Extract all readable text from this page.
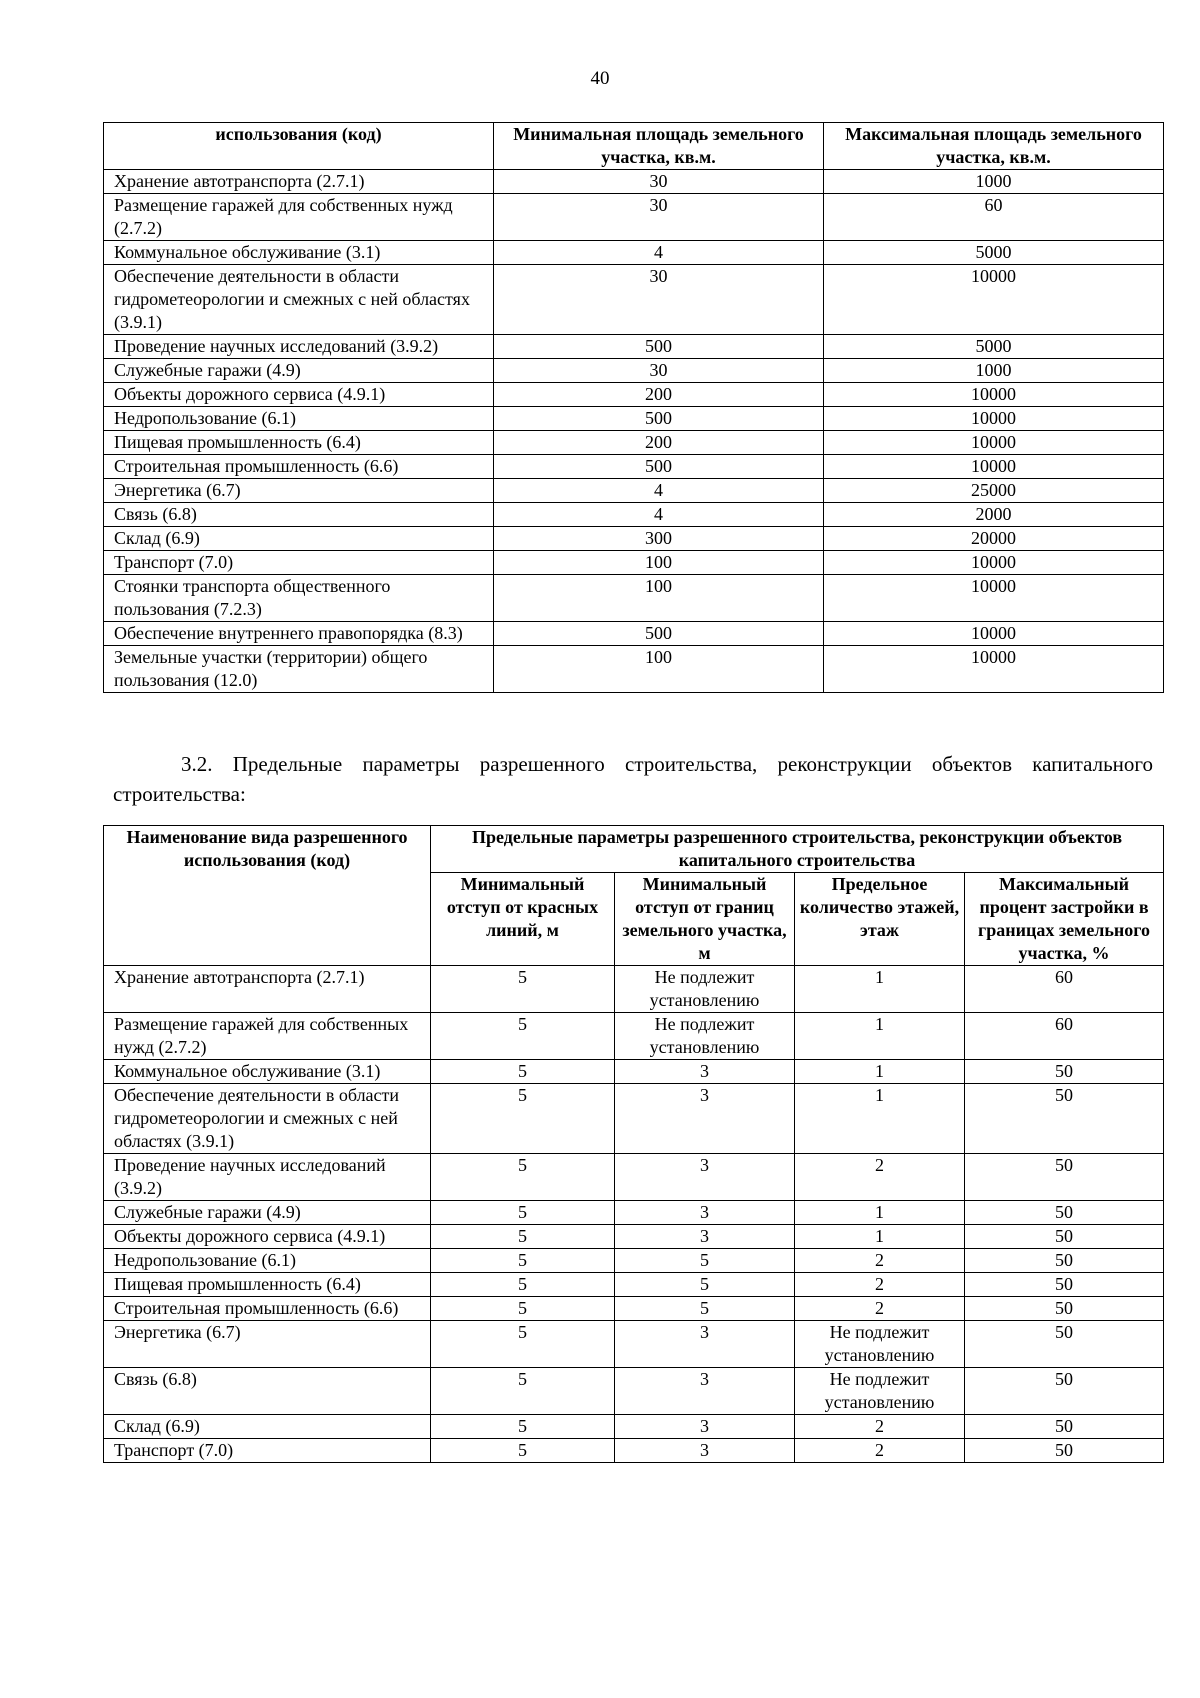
40
использования (код)	Минимальная площадь земельного участка, кв.м.	Максимальная площадь земельного участка, кв.м.
Хранение автотранспорта (2.7.1)	30	1000
Размещение гаражей для собственных нужд (2.7.2)	30	60
Коммунальное обслуживание (3.1)	4	5000
Обеспечение деятельности в области гидрометеорологии и смежных с ней областях (3.9.1)	30	10000
Проведение научных исследований (3.9.2)	500	5000
Служебные гаражи (4.9)	30	1000
Объекты дорожного сервиса (4.9.1)	200	10000
Недропользование (6.1)	500	10000
Пищевая промышленность (6.4)	200	10000
Строительная промышленность (6.6)	500	10000
Энергетика (6.7)	4	25000
Связь (6.8)	4	2000
Склад (6.9)	300	20000
Транспорт (7.0)	100	10000
Стоянки транспорта общественного пользования (7.2.3)	100	10000
Обеспечение внутреннего правопорядка (8.3)	500	10000
Земельные участки (территории) общего пользования (12.0)	100	10000
3.2. Предельные параметры разрешенного строительства, реконструкции объектов капитального строительства:
Наименование вида разрешенного использования (код)	Предельные параметры разрешенного строительства, реконструкции объектов капитального строительства			
	Минимальный отступ от красных линий, м	Минимальный отступ от границ земельного участка, м	Предельное количество этажей, этаж	Максимальный процент застройки в границах земельного участка, %
Хранение автотранспорта (2.7.1)	5	Не подлежит установлению	1	60
Размещение гаражей для собственных нужд (2.7.2)	5	Не подлежит установлению	1	60
Коммунальное обслуживание (3.1)	5	3	1	50
Обеспечение деятельности в области гидрометеорологии и смежных с ней областях (3.9.1)	5	3	1	50
Проведение научных исследований (3.9.2)	5	3	2	50
Служебные гаражи (4.9)	5	3	1	50
Объекты дорожного сервиса (4.9.1)	5	3	1	50
Недропользование (6.1)	5	5	2	50
Пищевая промышленность (6.4)	5	5	2	50
Строительная промышленность (6.6)	5	5	2	50
Энергетика (6.7)	5	3	Не подлежит установлению	50
Связь (6.8)	5	3	Не подлежит установлению	50
Склад (6.9)	5	3	2	50
Транспорт (7.0)	5	3	2	50
